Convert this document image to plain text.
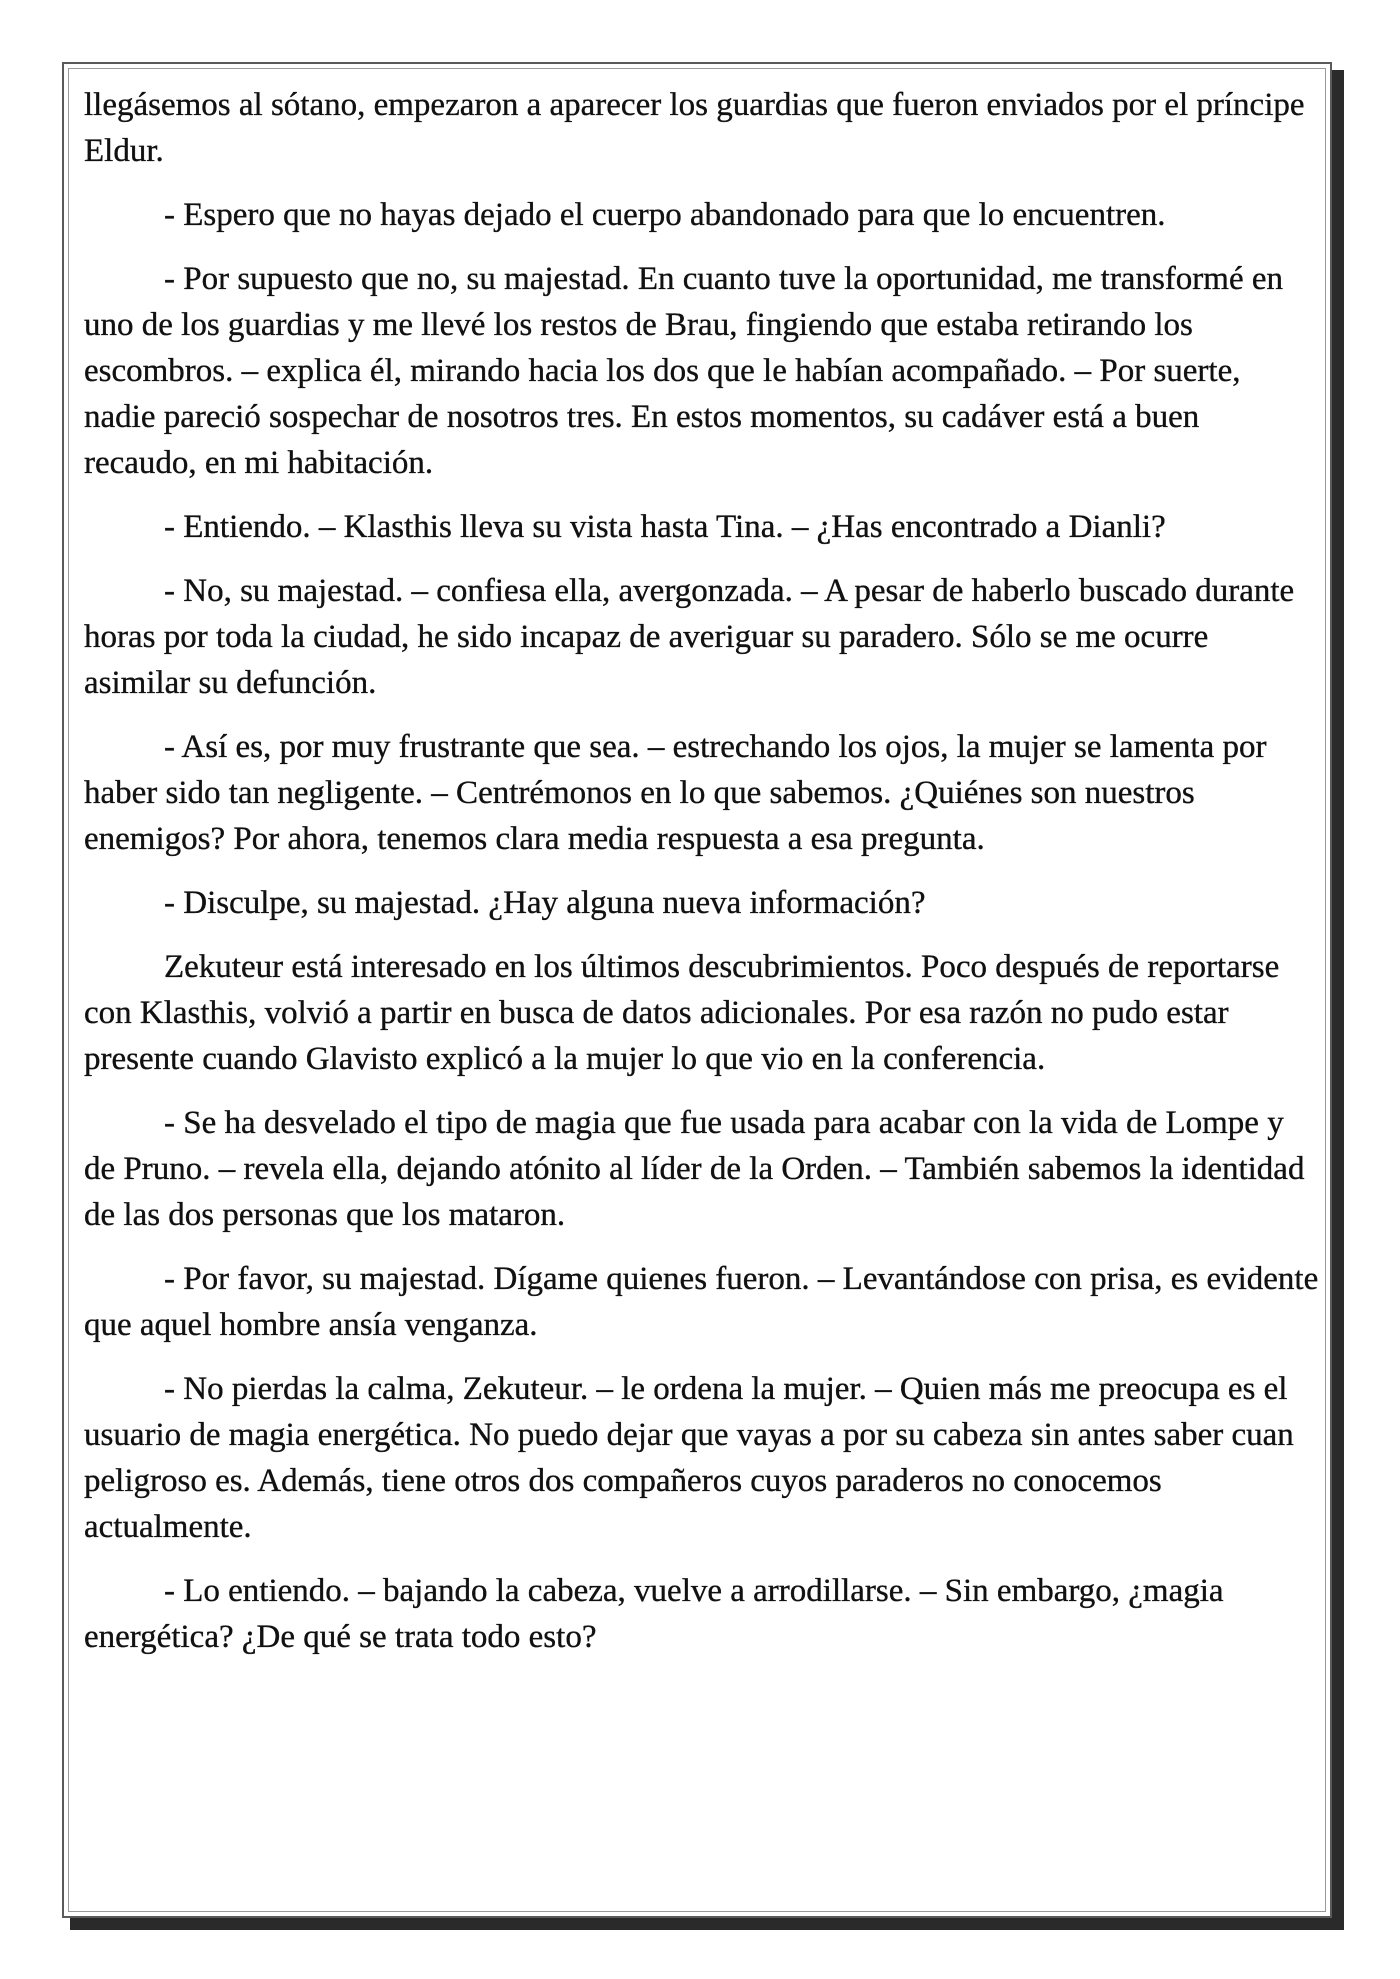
llegásemos al sótano, empezaron a aparecer los guardias que fueron enviados por el príncipe Eldur.

- Espero que no hayas dejado el cuerpo abandonado para que lo encuentren.

- Por supuesto que no, su majestad. En cuanto tuve la oportunidad, me transformé en uno de los guardias y me llevé los restos de Brau, fingiendo que estaba retirando los escombros. – explica él, mirando hacia los dos que le habían acompañado. – Por suerte, nadie pareció sospechar de nosotros tres. En estos momentos, su cadáver está a buen recaudo, en mi habitación.

- Entiendo. – Klasthis lleva su vista hasta Tina. – ¿Has encontrado a Dianli?

- No, su majestad. – confiesa ella, avergonzada. – A pesar de haberlo buscado durante horas por toda la ciudad, he sido incapaz de averiguar su paradero. Sólo se me ocurre asimilar su defunción.

- Así es, por muy frustrante que sea. – estrechando los ojos, la mujer se lamenta por haber sido tan negligente. – Centrémonos en lo que sabemos. ¿Quiénes son nuestros enemigos? Por ahora, tenemos clara media respuesta a esa pregunta.

- Disculpe, su majestad. ¿Hay alguna nueva información?

Zekuteur está interesado en los últimos descubrimientos. Poco después de reportarse con Klasthis, volvió a partir en busca de datos adicionales. Por esa razón no pudo estar presente cuando Glavisto explicó a la mujer lo que vio en la conferencia.

- Se ha desvelado el tipo de magia que fue usada para acabar con la vida de Lompe y de Pruno. – revela ella, dejando atónito al líder de la Orden. – También sabemos la identidad de las dos personas que los mataron.

- Por favor, su majestad. Dígame quienes fueron. – Levantándose con prisa, es evidente que aquel hombre ansía venganza.

- No pierdas la calma, Zekuteur. – le ordena la mujer. – Quien más me preocupa es el usuario de magia energética. No puedo dejar que vayas a por su cabeza sin antes saber cuan peligroso es. Además, tiene otros dos compañeros cuyos paraderos no conocemos actualmente.

- Lo entiendo. – bajando la cabeza, vuelve a arrodillarse. – Sin embargo, ¿magia energética? ¿De qué se trata todo esto?
